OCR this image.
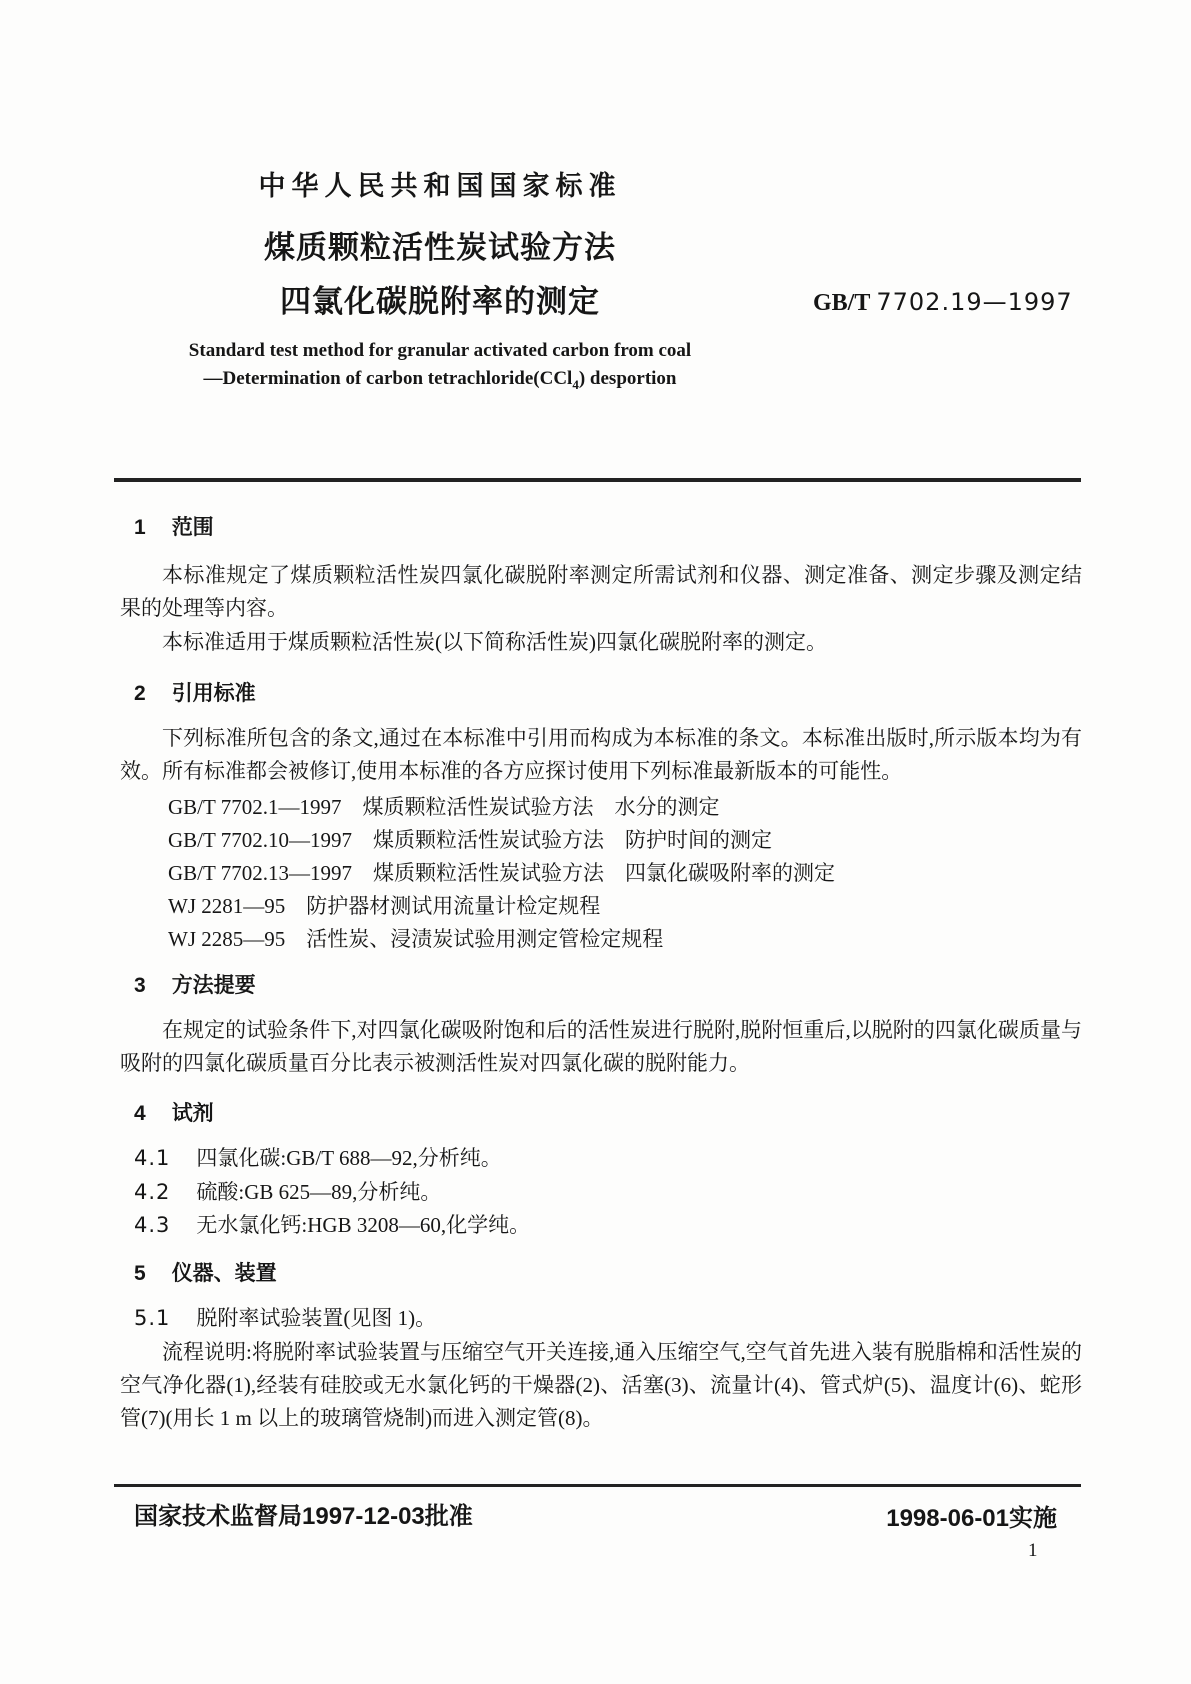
中华人民共和国国家标准
煤质颗粒活性炭试验方法
四氯化碳脱附率的测定	GB/T 7702.19—1997
Standard test method for granular activated carbon from coal
—Determination of carbon tetrachloride(CCl$_4$) desportion
1 范围

本标准规定了煤质颗粒活性炭四氯化碳脱附率测定所需试剂和仪器、测定准备、测定步骤及测定结果的处理等内容。

本标准适用于煤质颗粒活性炭(以下简称活性炭)四氯化碳脱附率的测定。

2 引用标准

下列标准所包含的条文,通过在本标准中引用而构成为本标准的条文。本标准出版时,所示版本均为有效。所有标准都会被修订,使用本标准的各方应探讨使用下列标准最新版本的可能性。

GB/T 7702.1—1997　煤质颗粒活性炭试验方法　水分的测定

GB/T 7702.10—1997　煤质颗粒活性炭试验方法　防护时间的测定

GB/T 7702.13—1997　煤质颗粒活性炭试验方法　四氯化碳吸附率的测定

WJ 2281—95　防护器材测试用流量计检定规程

WJ 2285—95　活性炭、浸渍炭试验用测定管检定规程

3 方法提要

在规定的试验条件下,对四氯化碳吸附饱和后的活性炭进行脱附,脱附恒重后,以脱附的四氯化碳质量与吸附的四氯化碳质量百分比表示被测活性炭对四氯化碳的脱附能力。

4 试剂

4.1 四氯化碳:GB/T 688—92,分析纯。

4.2 硫酸:GB 625—89,分析纯。

4.3 无水氯化钙:HGB 3208—60,化学纯。

5 仪器、装置

5.1 脱附率试验装置(见图 1)。

流程说明:将脱附率试验装置与压缩空气开关连接,通入压缩空气,空气首先进入装有脱脂棉和活性炭的空气净化器(1),经装有硅胶或无水氯化钙的干燥器(2)、活塞(3)、流量计(4)、管式炉(5)、温度计(6)、蛇形管(7)(用长 1 m 以上的玻璃管烧制)而进入测定管(8)。

国家技术监督局1997-12-03批准	1998-06-01实施
1
